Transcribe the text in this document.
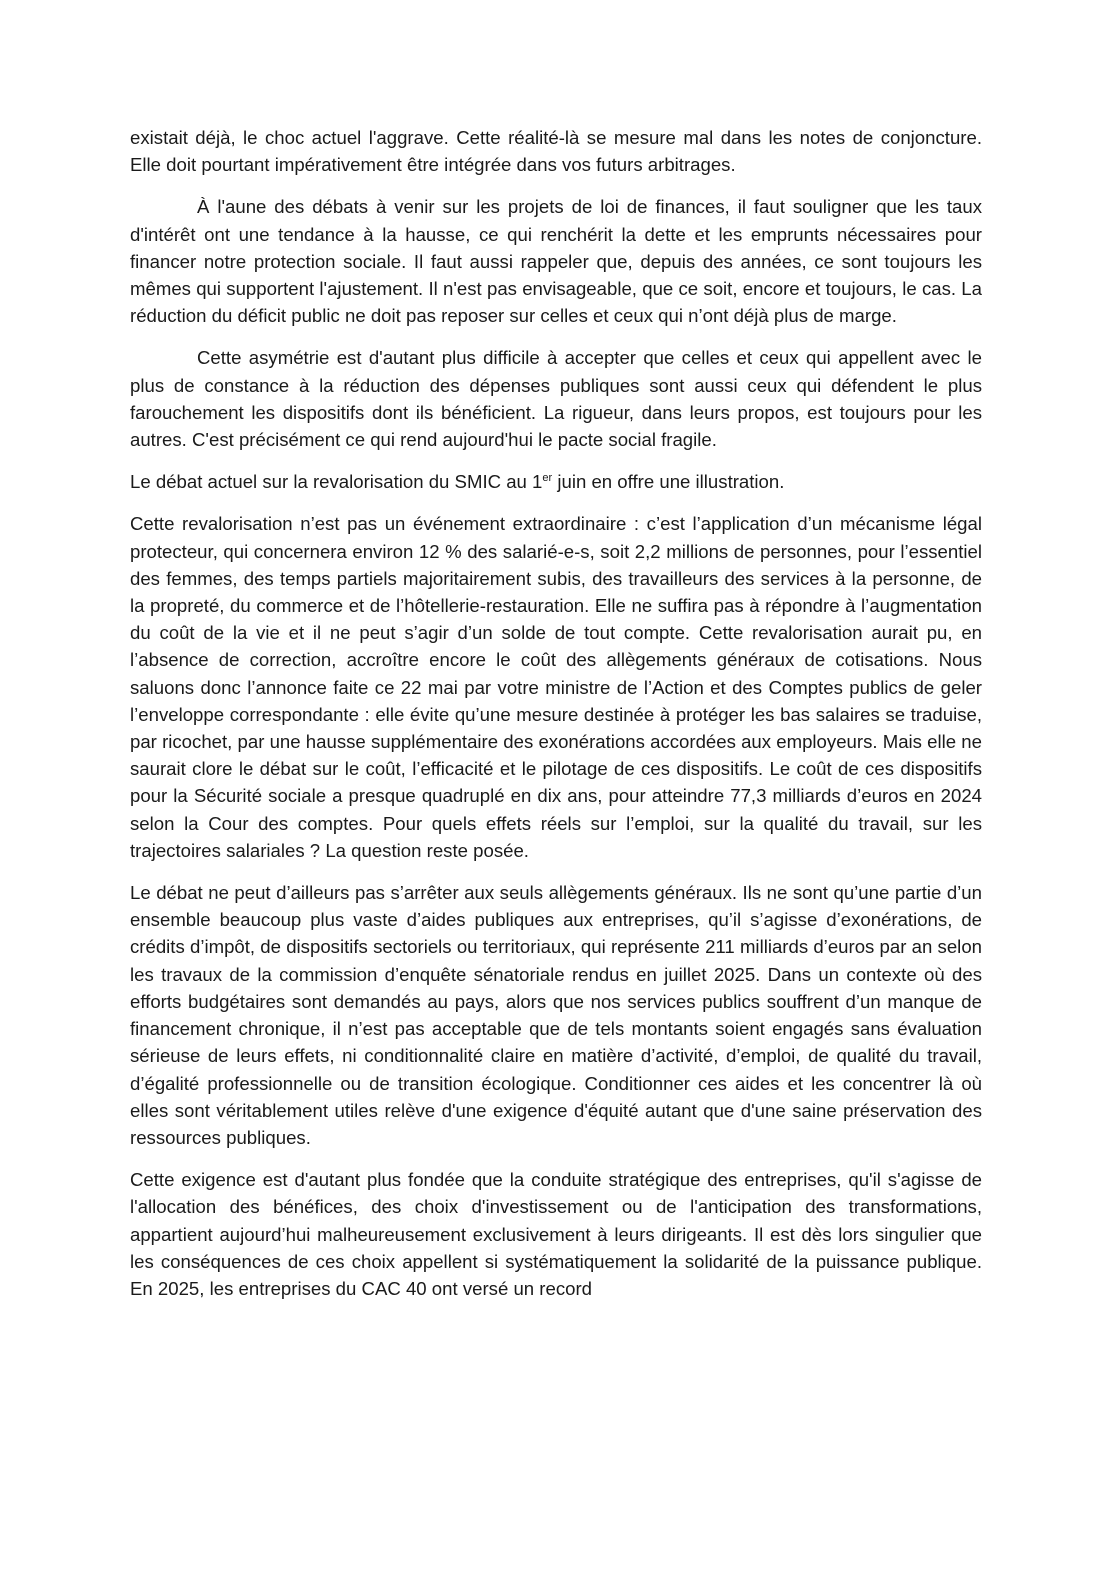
existait déjà, le choc actuel l'aggrave. Cette réalité-là se mesure mal dans les notes de conjoncture. Elle doit pourtant impérativement être intégrée dans vos futurs arbitrages.

À l'aune des débats à venir sur les projets de loi de finances, il faut souligner que les taux d'intérêt ont une tendance à la hausse, ce qui renchérit la dette et les emprunts nécessaires pour financer notre protection sociale. Il faut aussi rappeler que, depuis des années, ce sont toujours les mêmes qui supportent l'ajustement. Il n'est pas envisageable, que ce soit, encore et toujours, le cas. La réduction du déficit public ne doit pas reposer sur celles et ceux qui n’ont déjà plus de marge.

Cette asymétrie est d'autant plus difficile à accepter que celles et ceux qui appellent avec le plus de constance à la réduction des dépenses publiques sont aussi ceux qui défendent le plus farouchement les dispositifs dont ils bénéficient. La rigueur, dans leurs propos, est toujours pour les autres. C'est précisément ce qui rend aujourd'hui le pacte social fragile.

Le débat actuel sur la revalorisation du SMIC au 1er juin en offre une illustration.

Cette revalorisation n’est pas un événement extraordinaire : c’est l’application d’un mécanisme légal protecteur, qui concernera environ 12 % des salarié-e-s, soit 2,2 millions de personnes, pour l’essentiel des femmes, des temps partiels majoritairement subis, des travailleurs des services à la personne, de la propreté, du commerce et de l’hôtellerie-restauration. Elle ne suffira pas à répondre à l’augmentation du coût de la vie et il ne peut s’agir d’un solde de tout compte. Cette revalorisation aurait pu, en l’absence de correction, accroître encore le coût des allègements généraux de cotisations. Nous saluons donc l’annonce faite ce 22 mai par votre ministre de l’Action et des Comptes publics de geler l’enveloppe correspondante : elle évite qu’une mesure destinée à protéger les bas salaires se traduise, par ricochet, par une hausse supplémentaire des exonérations accordées aux employeurs. Mais elle ne saurait clore le débat sur le coût, l’efficacité et le pilotage de ces dispositifs. Le coût de ces dispositifs pour la Sécurité sociale a presque quadruplé en dix ans, pour atteindre 77,3 milliards d’euros en 2024 selon la Cour des comptes. Pour quels effets réels sur l’emploi, sur la qualité du travail, sur les trajectoires salariales ? La question reste posée.

Le débat ne peut d’ailleurs pas s’arrêter aux seuls allègements généraux. Ils ne sont qu’une partie d’un ensemble beaucoup plus vaste d’aides publiques aux entreprises, qu’il s’agisse d’exonérations, de crédits d’impôt, de dispositifs sectoriels ou territoriaux, qui représente 211 milliards d’euros par an selon les travaux de la commission d’enquête sénatoriale rendus en juillet 2025. Dans un contexte où des efforts budgétaires sont demandés au pays, alors que nos services publics souffrent d’un manque de financement chronique, il n’est pas acceptable que de tels montants soient engagés sans évaluation sérieuse de leurs effets, ni conditionnalité claire en matière d’activité, d’emploi, de qualité du travail, d’égalité professionnelle ou de transition écologique. Conditionner ces aides et les concentrer là où elles sont véritablement utiles relève d'une exigence d'équité autant que d'une saine préservation des ressources publiques.

Cette exigence est d'autant plus fondée que la conduite stratégique des entreprises, qu'il s'agisse de l'allocation des bénéfices, des choix d'investissement ou de l'anticipation des transformations, appartient aujourd’hui malheureusement exclusivement à leurs dirigeants. Il est dès lors singulier que les conséquences de ces choix appellent si systématiquement la solidarité de la puissance publique. En 2025, les entreprises du CAC 40 ont versé un record
